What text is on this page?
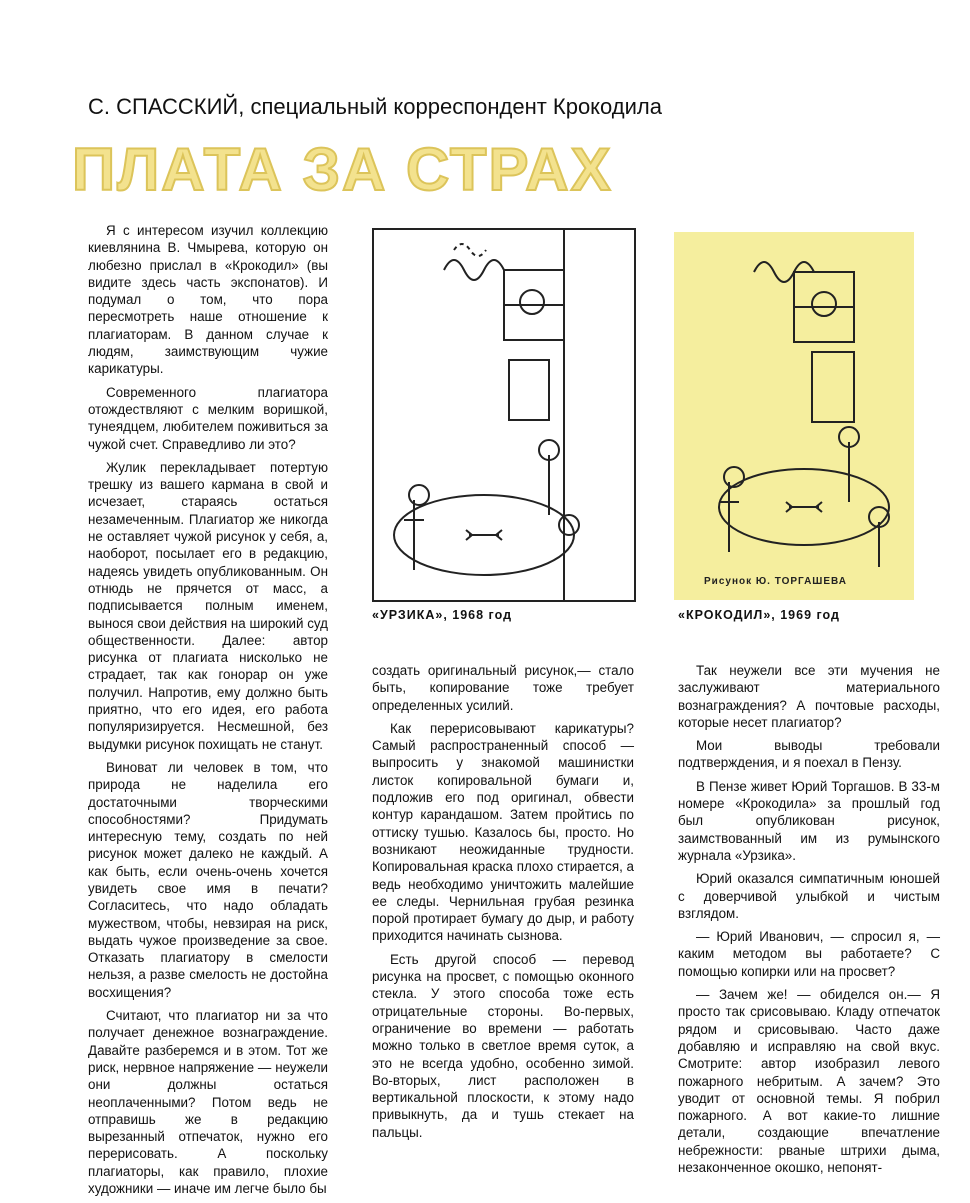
С. СПАССКИЙ, специальный корреспондент Крокодила
ПЛАТА ЗА СТРАХ

Я с интересом изучил коллекцию киевлянина В. Чмырева, которую он любезно прислал в «Крокодил» (вы видите здесь часть экспонатов). И подумал о том, что пора пересмотреть наше отношение к плагиаторам. В данном случае к людям, заимствующим чужие карикатуры.

Современного плагиатора отождествляют с мелким воришкой, тунеядцем, любителем поживиться за чужой счет. Справедливо ли это?

Жулик перекладывает потертую трешку из вашего кармана в свой и исчезает, стараясь остаться незамеченным. Плагиатор же никогда не оставляет чужой рисунок у себя, а, наоборот, посылает его в редакцию, надеясь увидеть опубликованным. Он отнюдь не прячется от масс, а подписывается полным именем, вынося свои действия на широкий суд общественности. Далее: автор рисунка от плагиата нисколько не страдает, так как гонорар он уже получил. Напротив, ему должно быть приятно, что его идея, его работа популяризируется. Несмешной, без выдумки рисунок похищать не станут.

Виноват ли человек в том, что природа не наделила его достаточными творческими способностями? Придумать интересную тему, создать по ней рисунок может далеко не каждый. А как быть, если очень-очень хочется увидеть свое имя в печати? Согласитесь, что надо обладать мужеством, чтобы, невзирая на риск, выдать чужое произведение за свое. Отказать плагиатору в смелости нельзя, а разве смелость не достойна восхищения?

Считают, что плагиатор ни за что получает денежное вознаграждение. Давайте разберемся и в этом. Тот же риск, нервное напряжение — неужели они должны остаться неоплаченными? Потом ведь не отправишь же в редакцию вырезанный отпечаток, нужно его перерисовать. А поскольку плагиаторы, как правило, плохие художники — иначе им легче было бы

«УРЗИКА», 1968 год
Рисунок Ю. ТОРГАШЕВА
«КРОКОДИЛ», 1969 год

создать оригинальный рисунок,— стало быть, копирование тоже требует определенных усилий.

Как перерисовывают карикатуры? Самый распространенный способ — выпросить у знакомой машинистки листок копировальной бумаги и, подложив его под оригинал, обвести контур карандашом. Затем пройтись по оттиску тушью. Казалось бы, просто. Но возникают неожиданные трудности. Копировальная краска плохо стирается, а ведь необходимо уничтожить малейшие ее следы. Чернильная грубая резинка порой протирает бумагу до дыр, и работу приходится начинать сызнова.

Есть другой способ — перевод рисунка на просвет, с помощью оконного стекла. У этого способа тоже есть отрицательные стороны. Во-первых, ограничение во времени — работать можно только в светлое время суток, а это не всегда удобно, особенно зимой. Во-вторых, лист расположен в вертикальной плоскости, к этому надо привыкнуть, да и тушь стекает на пальцы.

Так неужели все эти мучения не заслуживают материального вознаграждения? А почтовые расходы, которые несет плагиатор?

Мои выводы требовали подтверждения, и я поехал в Пензу.

В Пензе живет Юрий Торгашов. В 33-м номере «Крокодила» за прошлый год был опубликован рисунок, заимствованный им из румынского журнала «Урзика».

Юрий оказался симпатичным юношей с доверчивой улыбкой и чистым взглядом.

— Юрий Иванович, — спросил я, — каким методом вы работаете? С помощью копирки или на просвет?

— Зачем же! — обиделся он.— Я просто так срисовываю. Кладу отпечаток рядом и срисовываю. Часто даже добавляю и исправляю на свой вкус. Смотрите: автор изобразил левого пожарного небритым. А зачем? Это уводит от основной темы. Я побрил пожарного. А вот какие-то лишние детали, создающие впечатление небрежности: рваные штрихи дыма, незаконченное окошко, непонят-
